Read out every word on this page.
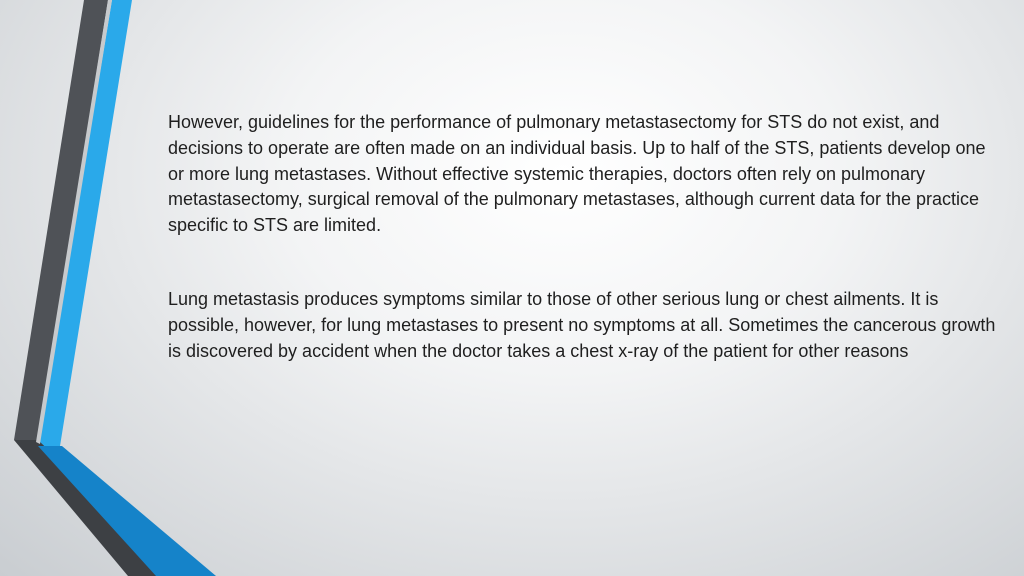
However, guidelines for the performance of pulmonary metastasectomy for STS do not exist, and decisions to operate are often made on an individual basis. Up to half of the STS, patients develop one or more lung metastases. Without effective systemic therapies, doctors often rely on pulmonary metastasectomy, surgical removal of the pulmonary metastases, although current data for the practice specific to STS are limited.

Lung metastasis produces symptoms similar to those of other serious lung or chest ailments. It is possible, however, for lung metastases to present no symptoms at all. Sometimes the cancerous growth is discovered by accident when the doctor takes a chest x-ray of the patient for other reasons
